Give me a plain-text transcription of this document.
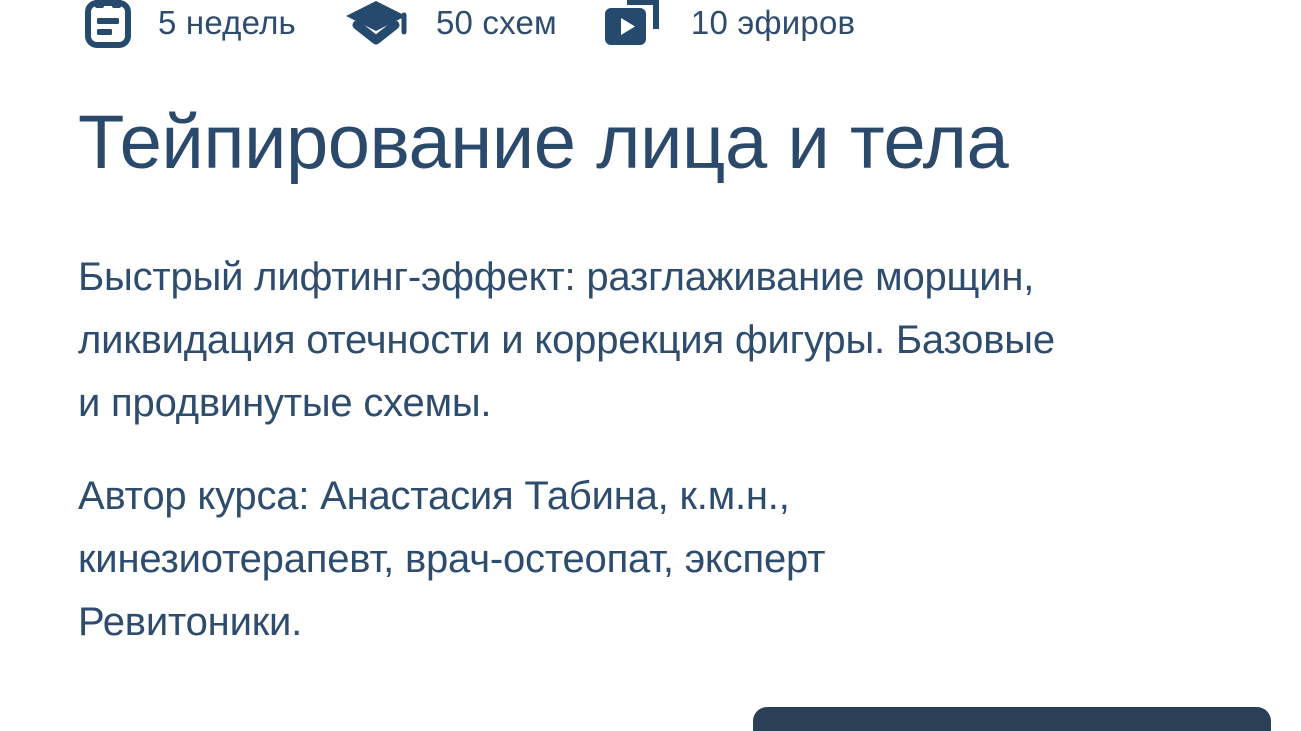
5 недель	50 схем	10 эфиров
Тейпирование лица и тела
Быстрый лифтинг-эффект: разглаживание морщин,
ликвидация отечности и коррекция фигуры. Базовые
и продвинутые схемы.
Автор курса: Анастасия Табина, к.м.н.,
кинезиотерапевт, врач-остеопат, эксперт
Ревитоники.
